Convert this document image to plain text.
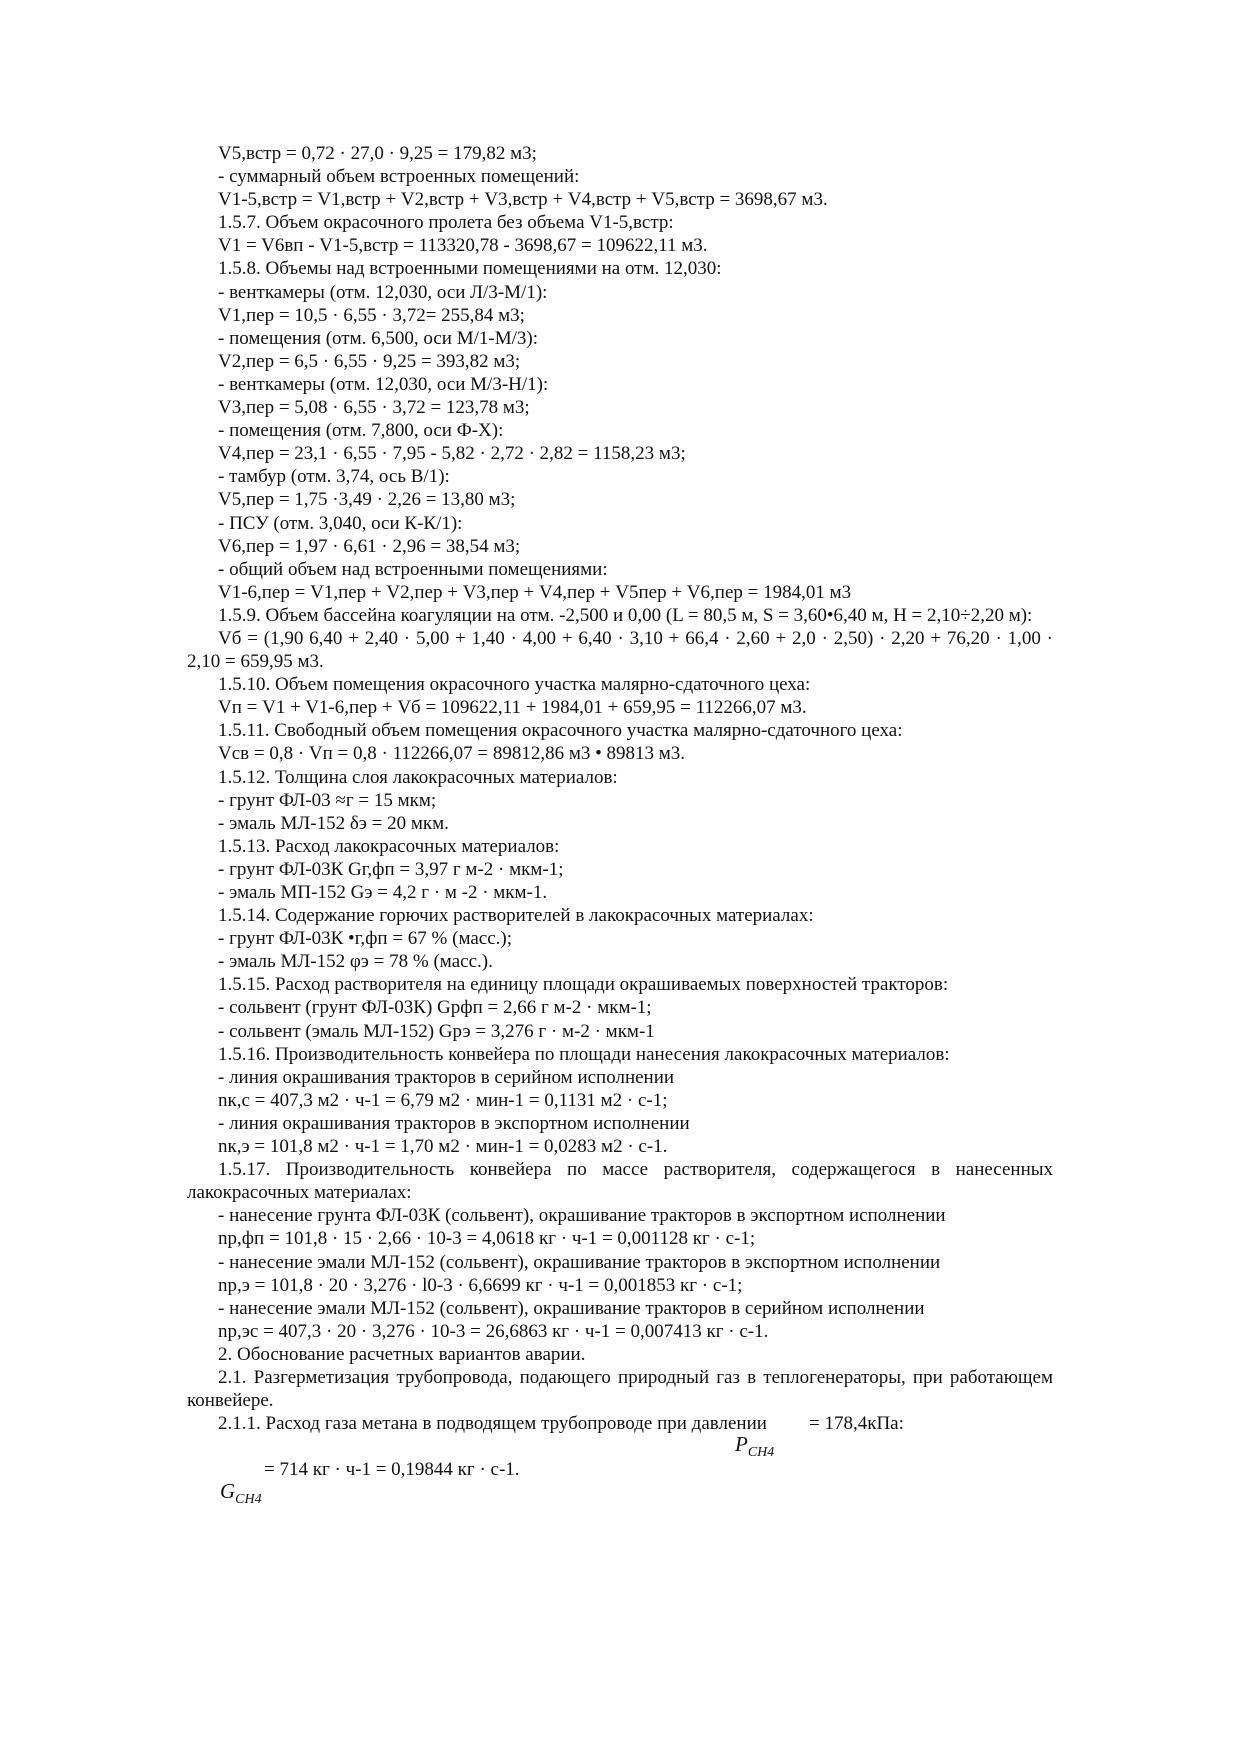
V5,встр = 0,72 · 27,0 · 9,25 = 179,82 м3;
- суммарный объем встроенных помещений:
V1-5,встр = V1,встр + V2,встр + V3,встр + V4,встр + V5,встр = 3698,67 м3.
1.5.7. Объем окрасочного пролета без объема V1-5,встр:
V1 = V6вп - V1-5,встр = 113320,78 - 3698,67 = 109622,11 м3.
1.5.8. Объемы над встроенными помещениями на отм. 12,030:
- венткамеры (отм. 12,030, оси Л/3-М/1):
V1,пер = 10,5 · 6,55 · 3,72= 255,84 м3;
- помещения (отм. 6,500, оси М/1-М/3):
V2,пер = 6,5 · 6,55 · 9,25 = 393,82 м3;
- венткамеры (отм. 12,030, оси М/3-Н/1):
V3,пер = 5,08 · 6,55 · 3,72 = 123,78 м3;
- помещения (отм. 7,800, оси Ф-Х):
V4,пер = 23,1 · 6,55 · 7,95 - 5,82 · 2,72 · 2,82 = 1158,23 м3;
- тамбур (отм. 3,74, ось В/1):
V5,пер = 1,75 ·3,49 · 2,26 = 13,80 м3;
- ПСУ (отм. 3,040, оси К-К/1):
V6,пер = 1,97 · 6,61 · 2,96 = 38,54 м3;
- общий объем над встроенными помещениями:
V1-6,пер = V1,пер + V2,пер + V3,пер + V4,пер + V5пер + V6,пер = 1984,01 м3
1.5.9. Объем бассейна коагуляции на отм. -2,500 и 0,00 (L = 80,5 м, S = 3,60•6,40 м, H = 2,10÷2,20 м):
Vб = (1,90 6,40 + 2,40 · 5,00 + 1,40 · 4,00 + 6,40 · 3,10 + 66,4 · 2,60 + 2,0 · 2,50) · 2,20 + 76,20 · 1,00 · 2,10 = 659,95 м3.
1.5.10. Объем помещения окрасочного участка малярно-сдаточного цеха:
Vп = V1 + V1-6,пер + Vб = 109622,11 + 1984,01 + 659,95 = 112266,07 м3.
1.5.11. Свободный объем помещения окрасочного участка малярно-сдаточного цеха:
Vсв = 0,8 · Vп = 0,8 · 112266,07 = 89812,86 м3 • 89813 м3.
1.5.12. Толщина слоя лакокрасочных материалов:
- грунт ФЛ-03 ≈г = 15 мкм;
- эмаль МЛ-152 δэ = 20 мкм.
1.5.13. Расход лакокрасочных материалов:
- грунт ФЛ-03К Gг,фп = 3,97 г м-2 · мкм-1;
- эмаль МП-152 Gэ = 4,2 г · м -2 · мкм-1.
1.5.14. Содержание горючих растворителей в лакокрасочных материалах:
- грунт ФЛ-03К •г,фп = 67 % (масс.);
- эмаль МЛ-152 φэ = 78 % (масс.).
1.5.15. Расход растворителя на единицу площади окрашиваемых поверхностей тракторов:
- сольвент (грунт ФЛ-03К) Gрфп = 2,66 г м-2 · мкм-1;
- сольвент (эмаль МЛ-152) Gрэ = 3,276 г · м-2 · мкм-1
1.5.16. Производительность конвейера по площади нанесения лакокрасочных материалов:
- линия окрашивания тракторов в серийном исполнении
nк,с = 407,3 м2 · ч-1 = 6,79 м2 · мин-1 = 0,1131 м2 · с-1;
- линия окрашивания тракторов в экспортном исполнении
nк,э = 101,8 м2 · ч-1 = 1,70 м2 · мин-1 = 0,0283 м2 · с-1.
1.5.17. Производительность конвейера по массе растворителя, содержащегося в нанесенных лакокрасочных материалах:
- нанесение грунта ФЛ-03К (сольвент), окрашивание тракторов в экспортном исполнении
nр,фп = 101,8 · 15 · 2,66 · 10-3 = 4,0618 кг · ч-1 = 0,001128 кг · с-1;
- нанесение эмали МЛ-152 (сольвент), окрашивание тракторов в экспортном исполнении
nр,э = 101,8 · 20 · 3,276 · l0-3 · 6,6699 кг · ч-1 = 0,001853 кг · с-1;
- нанесение эмали МЛ-152 (сольвент), окрашивание тракторов в серийном исполнении
nр,эс = 407,3 · 20 · 3,276 · 10-3 = 26,6863 кг · ч-1 = 0,007413 кг · с-1.
2. Обоснование расчетных вариантов аварии.
2.1. Разгерметизация трубопровода, подающего природный газ в теплогенераторы, при работающем конвейере.
2.1.1. Расход газа метана в подводящем трубопроводе при давлении = 178,4кПа:
$P_{CH4}$
= 714 кг · ч-1 = 0,19844 кг · с-1.
$G_{CH4}$
